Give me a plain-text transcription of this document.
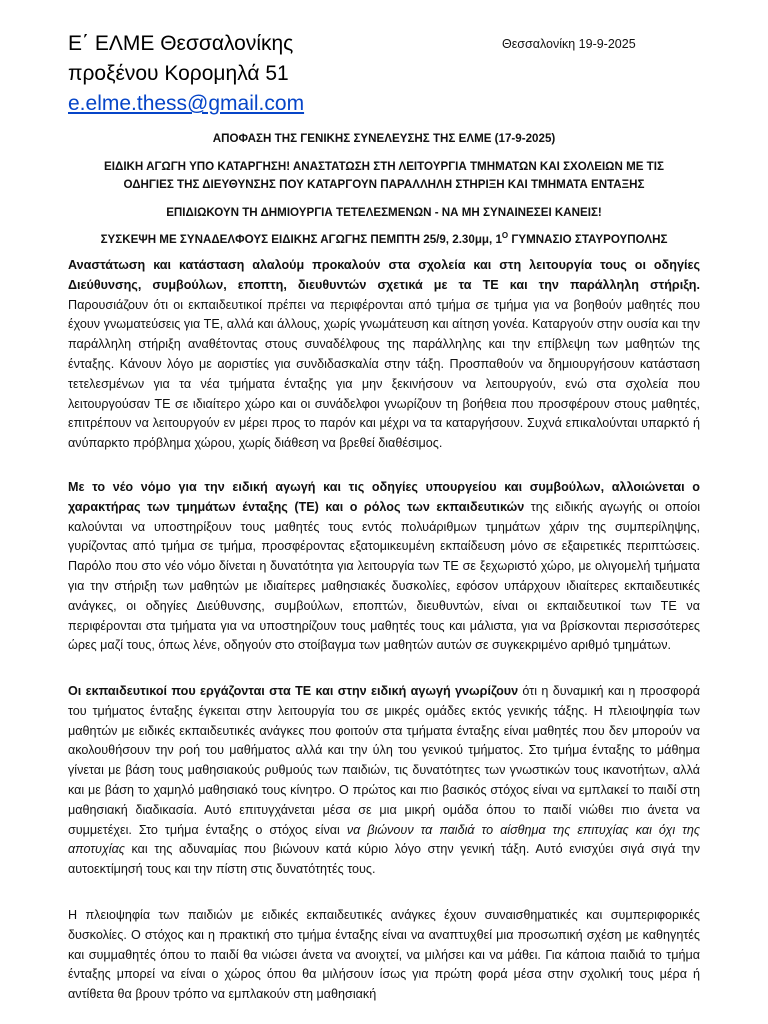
Ε΄ ΕΛΜΕ Θεσσαλονίκης	Θεσσαλονίκη 19-9-2025
προξένου Κορομηλά 51
e.elme.thess@gmail.com
ΑΠΟΦΑΣΗ ΤΗΣ ΓΕΝΙΚΗΣ ΣΥΝΕΛΕΥΣΗΣ ΤΗΣ ΕΛΜΕ (17-9-2025)
ΕΙΔΙΚΗ ΑΓΩΓΗ ΥΠΟ ΚΑΤΑΡΓΗΣΗ! ΑΝΑΣΤΑΤΩΣΗ ΣΤΗ ΛΕΙΤΟΥΡΓΙΑ ΤΜΗΜΑΤΩΝ ΚΑΙ ΣΧΟΛΕΙΩΝ ΜΕ ΤΙΣ
ΟΔΗΓΙΕΣ ΤΗΣ ΔΙΕΥΘΥΝΣΗΣ ΠΟΥ ΚΑΤΑΡΓΟΥΝ ΠΑΡΑΛΛΗΛΗ ΣΤΗΡΙΞΗ ΚΑΙ ΤΜΗΜΑΤΑ ΕΝΤΑΞΗΣ
ΕΠΙΔΙΩΚΟΥΝ ΤΗ ΔΗΜΙΟΥΡΓΙΑ ΤΕΤΕΛΕΣΜΕΝΩΝ - ΝΑ ΜΗ ΣΥΝΑΙΝΕΣΕΙ ΚΑΝΕΙΣ!
ΣΥΣΚΕΨΗ ΜΕ ΣΥΝΑΔΕΛΦΟΥΣ ΕΙΔΙΚΗΣ ΑΓΩΓΗΣ ΠΕΜΠΤΗ 25/9, 2.30μμ, $1^O$ ΓΥΜΝΑΣΙΟ ΣΤΑΥΡΟΥΠΟΛΗΣ

Αναστάτωση και κατάσταση αλαλούμ προκαλούν στα σχολεία και στη λειτουργία τους οι οδηγίες Διεύθυνσης, συμβούλων, εποπτη, διευθυντών σχετικά με τα ΤΕ και την παράλληλη στήριξη. Παρουσιάζουν ότι οι εκπαιδευτικοί πρέπει να περιφέρονται από τμήμα σε τμήμα για να βοηθούν μαθητές που έχουν γνωματεύσεις για ΤΕ, αλλά και άλλους, χωρίς γνωμάτευση και αίτηση γονέα. Καταργούν στην ουσία και την παράλληλη στήριξη αναθέτοντας στους συναδέλφους της παράλληλης και την επίβλεψη των μαθητών της ένταξης. Κάνουν λόγο με αοριστίες για συνδιδασκαλία στην τάξη. Προσπαθούν να δημιουργήσουν κατάσταση τετελεσμένων για τα νέα τμήματα ένταξης για μην ξεκινήσουν να λειτουργούν, ενώ στα σχολεία που λειτουργούσαν ΤΕ σε ιδιαίτερο χώρο και οι συνάδελφοι γνωρίζουν τη βοήθεια που προσφέρουν στους μαθητές, επιτρέπουν να λειτουργούν εν μέρει προς το παρόν και μέχρι να τα καταργήσουν. Συχνά επικαλούνται υπαρκτό ή ανύπαρκτο πρόβλημα χώρου, χωρίς διάθεση να βρεθεί διαθέσιμος.

Με το νέο νόμο για την ειδική αγωγή και τις οδηγίες υπουργείου και συμβούλων, αλλοιώνεται ο χαρακτήρας των τμημάτων ένταξης (ΤΕ) και ο ρόλος των εκπαιδευτικών της ειδικής αγωγής οι οποίοι καλούνται να υποστηρίξουν τους μαθητές τους εντός πολυάριθμων τμημάτων χάριν της συμπερίληψης, γυρίζοντας από τμήμα σε τμήμα, προσφέροντας εξατομικευμένη εκπαίδευση μόνο σε εξαιρετικές περιπτώσεις. Παρόλο που στο νέο νόμο δίνεται η δυνατότητα για λειτουργία των ΤΕ σε ξεχωριστό χώρο, με ολιγομελή τμήματα για την στήριξη των μαθητών με ιδιαίτερες μαθησιακές δυσκολίες, εφόσον υπάρχουν ιδιαίτερες εκπαιδευτικές ανάγκες, οι οδηγίες Διεύθυνσης, συμβούλων, εποπτών, διευθυντών, είναι οι εκπαιδευτικοί των ΤΕ να περιφέρονται στα τμήματα για να υποστηρίζουν τους μαθητές τους και μάλιστα, για να βρίσκονται περισσότερες ώρες μαζί τους, όπως λένε, οδηγούν στο στοίβαγμα των μαθητών αυτών σε συγκεκριμένο αριθμό τμημάτων.

Οι εκπαιδευτικοί που εργάζονται στα ΤΕ και στην ειδική αγωγή γνωρίζουν ότι η δυναμική και η προσφορά του τμήματος ένταξης έγκειται στην λειτουργία του σε μικρές ομάδες εκτός γενικής τάξης. Η πλειοψηφία των μαθητών με ειδικές εκπαιδευτικές ανάγκες που φοιτούν στα τμήματα ένταξης είναι μαθητές που δεν μπορούν να ακολουθήσουν την ροή του μαθήματος αλλά και την ύλη του γενικού τμήματος. Στο τμήμα ένταξης το μάθημα γίνεται με βάση τους μαθησιακούς ρυθμούς των παιδιών, τις δυνατότητες των γνωστικών τους ικανοτήτων, αλλά και με βάση το χαμηλό μαθησιακό τους κίνητρο. Ο πρώτος και πιο βασικός στόχος είναι να εμπλακεί το παιδί στη μαθησιακή διαδικασία. Αυτό επιτυγχάνεται μέσα σε μια μικρή ομάδα όπου το παιδί νιώθει πιο άνετα να συμμετέχει. Στο τμήμα ένταξης ο στόχος είναι να βιώνουν τα παιδιά το αίσθημα της επιτυχίας και όχι της αποτυχίας και της αδυναμίας που βιώνουν κατά κύριο λόγο στην γενική τάξη. Αυτό ενισχύει σιγά σιγά την αυτοεκτίμησή τους και την πίστη στις δυνατότητές τους.

Η πλειοψηφία των παιδιών με ειδικές εκπαιδευτικές ανάγκες έχουν συναισθηματικές και συμπεριφορικές δυσκολίες. Ο στόχος και η πρακτική στο τμήμα ένταξης είναι να αναπτυχθεί μια προσωπική σχέση με καθηγητές και συμμαθητές όπου το παιδί θα νιώσει άνετα να ανοιχτεί, να μιλήσει και να μάθει. Για κάποια παιδιά το τμήμα ένταξης μπορεί να είναι ο χώρος όπου θα μιλήσουν ίσως για πρώτη φορά μέσα στην σχολική τους μέρα ή αντίθετα θα βρουν τρόπο να εμπλακούν στη μαθησιακή
